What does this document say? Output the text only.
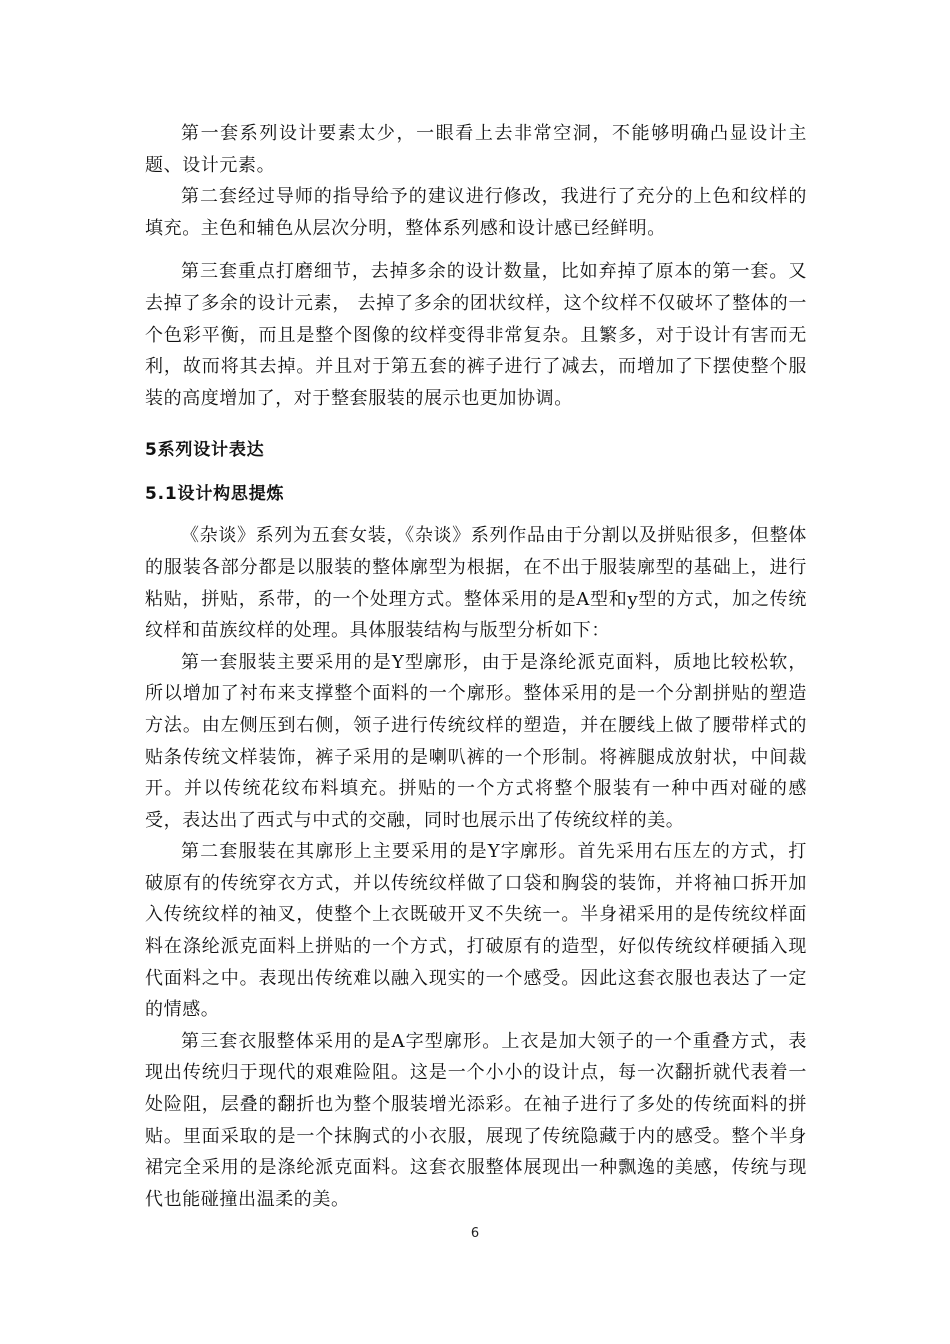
第一套系列设计要素太少，一眼看上去非常空洞，不能够明确凸显设计主题、设计元素。

第二套经过导师的指导给予的建议进行修改，我进行了充分的上色和纹样的填充。主色和辅色从层次分明，整体系列感和设计感已经鲜明。

第三套重点打磨细节，去掉多余的设计数量，比如弃掉了原本的第一套。又去掉了多余的设计元素， 去掉了多余的团状纹样，这个纹样不仅破坏了整体的一个色彩平衡，而且是整个图像的纹样变得非常复杂。且繁多，对于设计有害而无利，故而将其去掉。并且对于第五套的裤子进行了减去，而增加了下摆使整个服装的高度增加了，对于整套服装的展示也更加协调。

5系列设计表达
5.1设计构思提炼

《杂谈》系列为五套女装，《杂谈》系列作品由于分割以及拼贴很多，但整体的服装各部分都是以服装的整体廓型为根据，在不出于服装廓型的基础上，进行粘贴，拼贴，系带，的一个处理方式。整体采用的是A型和y型的方式，加之传统纹样和苗族纹样的处理。具体服装结构与版型分析如下：

第一套服装主要采用的是Y型廓形，由于是涤纶派克面料，质地比较松软，所以增加了衬布来支撑整个面料的一个廓形。整体采用的是一个分割拼贴的塑造方法。由左侧压到右侧，领子进行传统纹样的塑造，并在腰线上做了腰带样式的贴条传统文样装饰，裤子采用的是喇叭裤的一个形制。将裤腿成放射状，中间裁开。并以传统花纹布料填充。拼贴的一个方式将整个服装有一种中西对碰的感受，表达出了西式与中式的交融，同时也展示出了传统纹样的美。

第二套服装在其廓形上主要采用的是Y字廓形。首先采用右压左的方式，打破原有的传统穿衣方式，并以传统纹样做了口袋和胸袋的装饰，并将袖口拆开加入传统纹样的袖叉，使整个上衣既破开叉不失统一。半身裙采用的是传统纹样面料在涤纶派克面料上拼贴的一个方式，打破原有的造型，好似传统纹样硬插入现代面料之中。表现出传统难以融入现实的一个感受。因此这套衣服也表达了一定的情感。

第三套衣服整体采用的是A字型廓形。上衣是加大领子的一个重叠方式，表现出传统归于现代的艰难险阻。这是一个小小的设计点，每一次翻折就代表着一处险阻，层叠的翻折也为整个服装增光添彩。在袖子进行了多处的传统面料的拼贴。里面采取的是一个抹胸式的小衣服，展现了传统隐藏于内的感受。整个半身裙完全采用的是涤纶派克面料。这套衣服整体展现出一种飘逸的美感，传统与现代也能碰撞出温柔的美。

6
